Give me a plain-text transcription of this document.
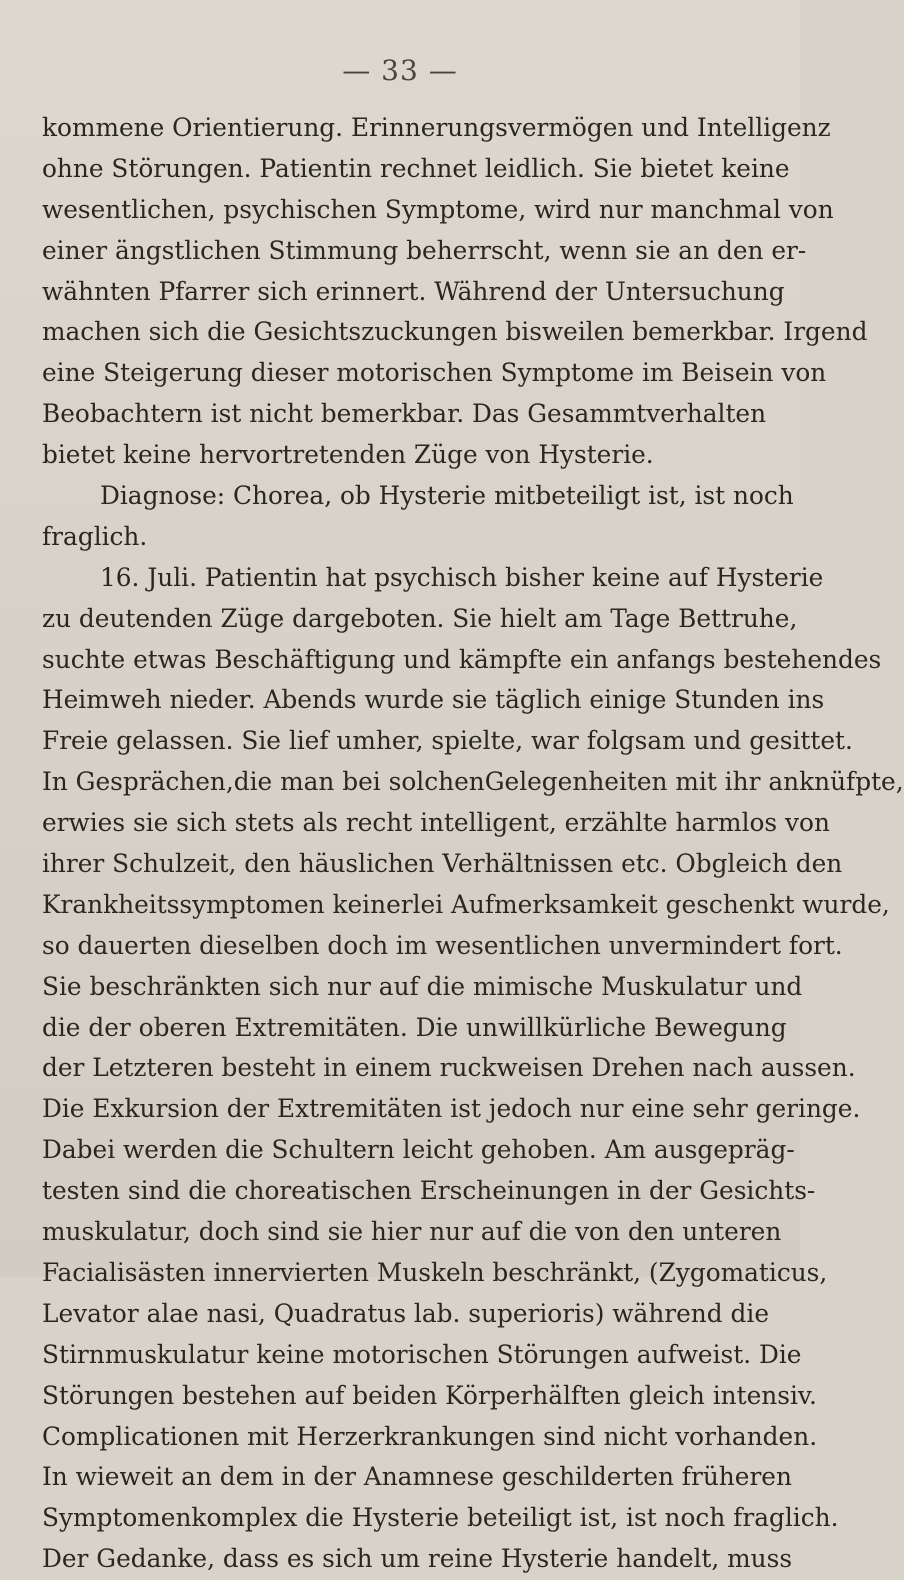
— 33 —
kommene Orientierung. Erinnerungsvermögen und Intelligenz
ohne Störungen. Patientin rechnet leidlich. Sie bietet keine
wesentlichen, psychischen Symptome, wird nur manchmal von
einer ängstlichen Stimmung beherrscht, wenn sie an den er-
wähnten Pfarrer sich erinnert. Während der Untersuchung
machen sich die Gesichtszuckungen bisweilen bemerkbar. Irgend
eine Steigerung dieser motorischen Symptome im Beisein von
Beobachtern ist nicht bemerkbar. Das Gesammtverhalten
bietet keine hervortretenden Züge von Hysterie.
Diagnose: Chorea, ob Hysterie mitbeteiligt ist, ist noch
fraglich.
16. Juli. Patientin hat psychisch bisher keine auf Hysterie
zu deutenden Züge dargeboten. Sie hielt am Tage Bettruhe,
suchte etwas Beschäftigung und kämpfte ein anfangs bestehendes
Heimweh nieder. Abends wurde sie täglich einige Stunden ins
Freie gelassen. Sie lief umher, spielte, war folgsam und gesittet.
In Gesprächen,die man bei solchenGelegenheiten mit ihr anknüfpte,
erwies sie sich stets als recht intelligent, erzählte harmlos von
ihrer Schulzeit, den häuslichen Verhältnissen etc. Obgleich den
Krankheitssymptomen keinerlei Aufmerksamkeit geschenkt wurde,
so dauerten dieselben doch im wesentlichen unvermindert fort.
Sie beschränkten sich nur auf die mimische Muskulatur und
die der oberen Extremitäten. Die unwillkürliche Bewegung
der Letzteren besteht in einem ruckweisen Drehen nach aussen.
Die Exkursion der Extremitäten ist jedoch nur eine sehr geringe.
Dabei werden die Schultern leicht gehoben. Am ausgepräg-
testen sind die choreatischen Erscheinungen in der Gesichts-
muskulatur, doch sind sie hier nur auf die von den unteren
Facialisästen innervierten Muskeln beschränkt, (Zygomaticus,
Levator alae nasi, Quadratus lab. superioris) während die
Stirnmuskulatur keine motorischen Störungen aufweist. Die
Störungen bestehen auf beiden Körperhälften gleich intensiv.
Complicationen mit Herzerkrankungen sind nicht vorhanden.
In wieweit an dem in der Anamnese geschilderten früheren
Symptomenkomplex die Hysterie beteiligt ist, ist noch fraglich.
Der Gedanke, dass es sich um reine Hysterie handelt, muss
